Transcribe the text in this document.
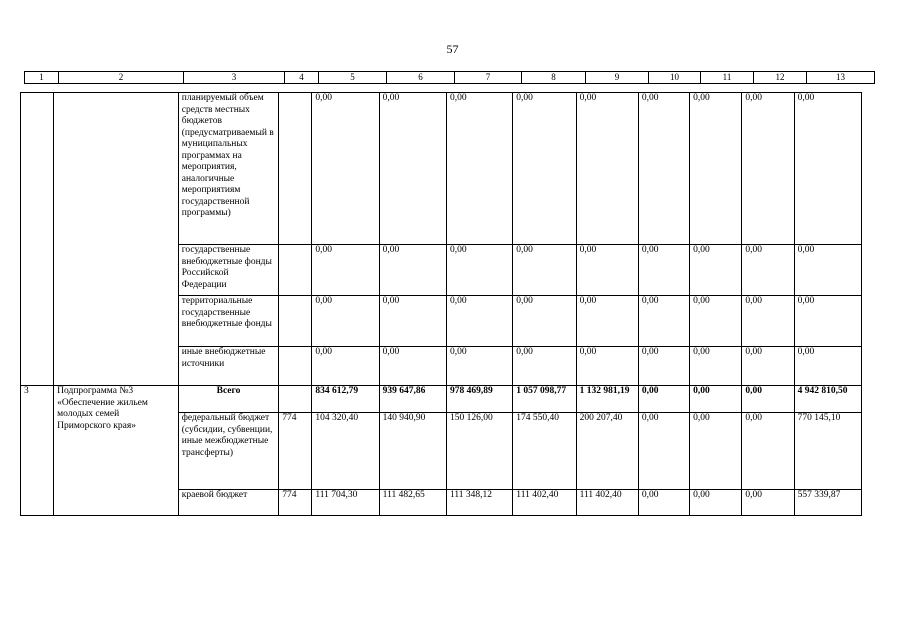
57
1	2	3	4	5	6	7	8	9	10	11	12	13
		планируемый объем средств местных бюджетов (предусматриваемый в муниципальных программах на мероприятия, аналогичные мероприятиям государственной программы)		0,00	0,00	0,00	0,00	0,00	0,00	0,00	0,00	0,00
		государственные внебюджетные фонды Российской Федерации		0,00	0,00	0,00	0,00	0,00	0,00	0,00	0,00	0,00
		территориальные государственные внебюджетные фонды		0,00	0,00	0,00	0,00	0,00	0,00	0,00	0,00	0,00
		иные внебюджетные источники		0,00	0,00	0,00	0,00	0,00	0,00	0,00	0,00	0,00
3	Подпрограмма №3 «Обеспечение жильем молодых семей Приморского края»	Всего		834 612,79	939 647,86	978 469,89	1 057 098,77	1 132 981,19	0,00	0,00	0,00	4 942 810,50
		федеральный бюджет (субсидии, субвенции, иные межбюджетные трансферты)	774	104 320,40	140 940,90	150 126,00	174 550,40	200 207,40	0,00	0,00	0,00	770 145,10
		краевой бюджет	774	111 704,30	111 482,65	111 348,12	111 402,40	111 402,40	0,00	0,00	0,00	557 339,87
